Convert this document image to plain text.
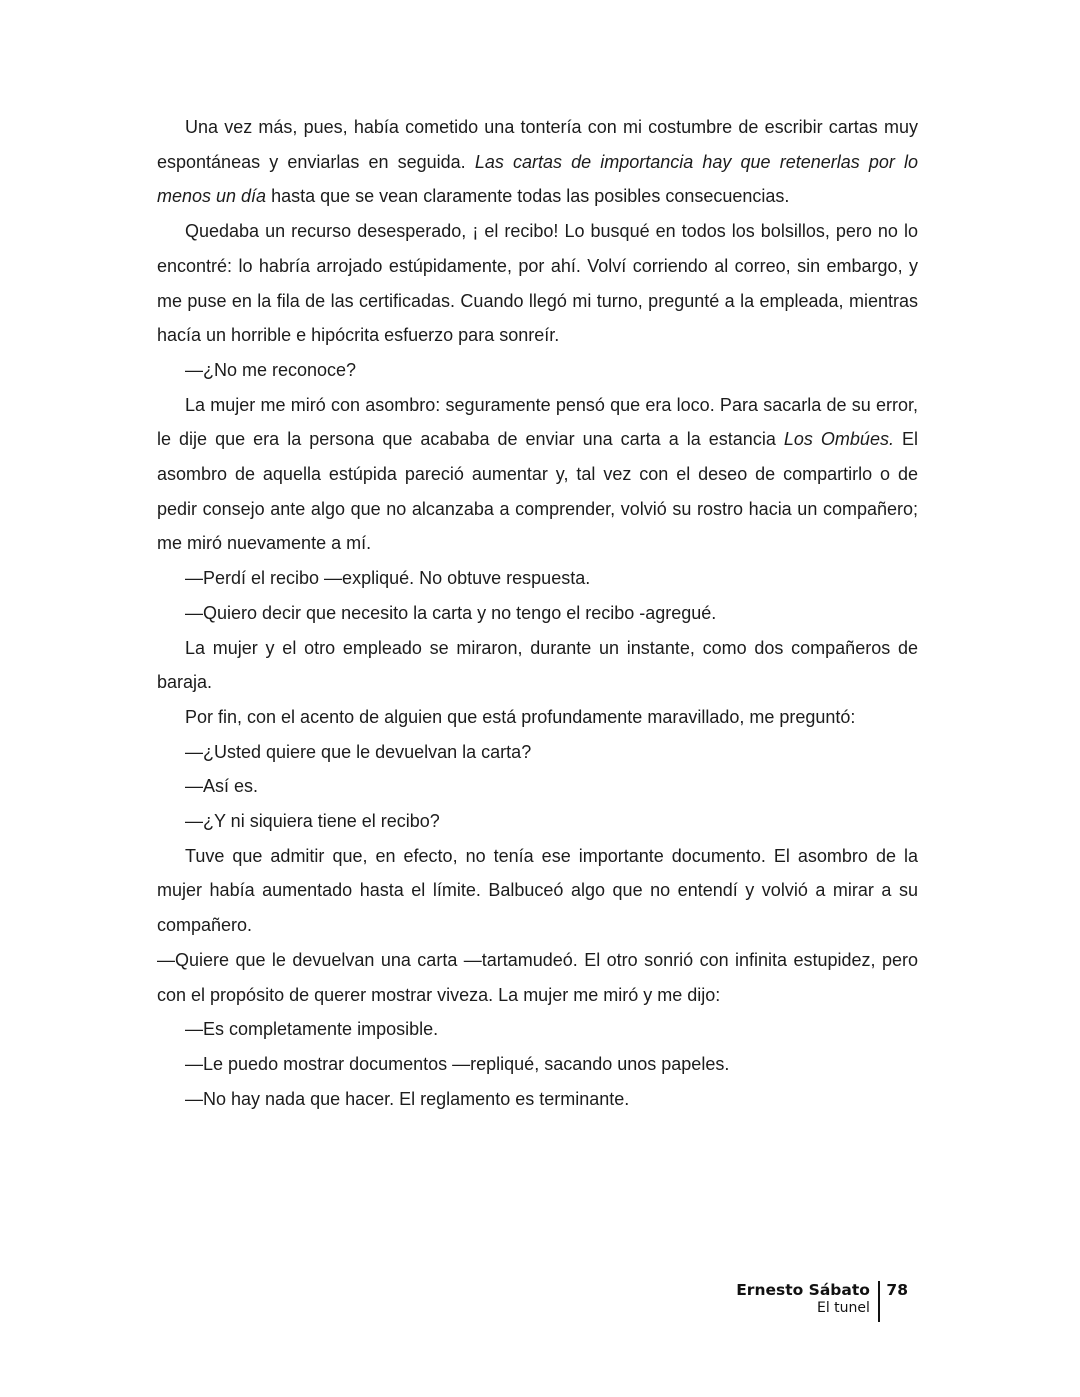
Una vez más, pues, había cometido una tontería con mi costumbre de escribir cartas muy espontáneas y enviarlas en seguida. Las cartas de importancia hay que retenerlas por lo menos un día hasta que se vean claramente todas las posibles consecuencias.

Quedaba un recurso desesperado, ¡ el recibo! Lo busqué en todos los bolsillos, pero no lo encontré: lo habría arrojado estúpidamente, por ahí. Volví corriendo al correo, sin embargo, y me puse en la fila de las certificadas. Cuando llegó mi turno, pregunté a la empleada, mientras hacía un horrible e hipócrita esfuerzo para sonreír.

—¿No me reconoce?

La mujer me miró con asombro: seguramente pensó que era loco. Para sacarla de su error, le dije que era la persona que acababa de enviar una carta a la estancia Los Ombúes. El asombro de aquella estúpida pareció aumentar y, tal vez con el deseo de compartirlo o de pedir consejo ante algo que no alcanzaba a comprender, volvió su rostro hacia un compañero; me miró nuevamente a mí.

—Perdí el recibo —expliqué. No obtuve respuesta.

—Quiero decir que necesito la carta y no tengo el recibo -agregué.

La mujer y el otro empleado se miraron, durante un instante, como dos compañeros de baraja.

Por fin, con el acento de alguien que está profundamente maravillado, me preguntó:

—¿Usted quiere que le devuelvan la carta?

—Así es.

—¿Y ni siquiera tiene el recibo?

Tuve que admitir que, en efecto, no tenía ese importante documento. El asombro de la mujer había aumentado hasta el límite. Balbuceó algo que no entendí y volvió a mirar a su compañero.

—Quiere que le devuelvan una carta —tartamudeó. El otro sonrió con infinita estupidez, pero con el propósito de querer mostrar viveza. La mujer me miró y me dijo:

—Es completamente imposible.

—Le puedo mostrar documentos —repliqué, sacando unos papeles.

—No hay nada que hacer. El reglamento es terminante.

Ernesto Sábato
El tunel
78
